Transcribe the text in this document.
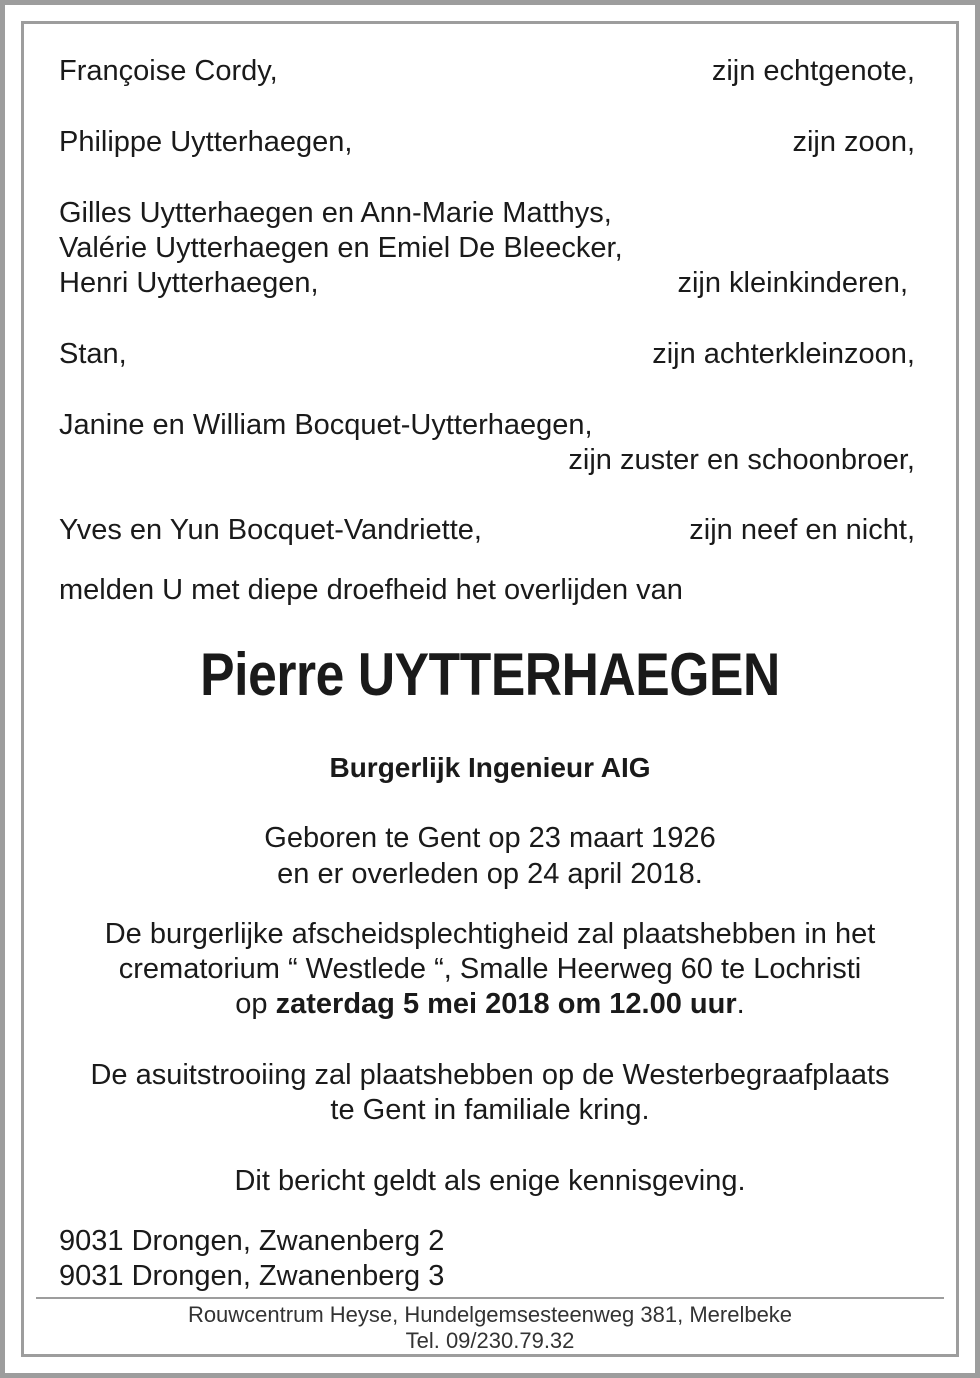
Françoise Cordy,	zijn echtgenote,
Philippe Uytterhaegen,	zijn zoon,
Gilles Uytterhaegen en Ann-Marie Matthys,
Valérie Uytterhaegen en Emiel De Bleecker,
Henri Uytterhaegen,	zijn kleinkinderen,
Stan,	zijn achterkleinzoon,
Janine en William Bocquet-Uytterhaegen,
zijn zuster en schoonbroer,
Yves en Yun Bocquet-Vandriette,	zijn neef en nicht,
melden U met diepe droefheid het overlijden van
Pierre UYTTERHAEGEN
Burgerlijk Ingenieur AIG
Geboren te Gent op 23 maart 1926
en er overleden op 24 april 2018.
De burgerlijke afscheidsplechtigheid zal plaatshebben in het
crematorium “ Westlede “, Smalle Heerweg 60 te Lochristi
op zaterdag 5 mei 2018 om 12.00 uur.
De asuitstrooiing zal plaatshebben op de Westerbegraafplaats
te Gent in familiale kring.
Dit bericht geldt als enige kennisgeving.
9031 Drongen, Zwanenberg 2
9031 Drongen, Zwanenberg 3
Rouwcentrum Heyse, Hundelgemsesteenweg 381, Merelbeke
Tel. 09/230.79.32
